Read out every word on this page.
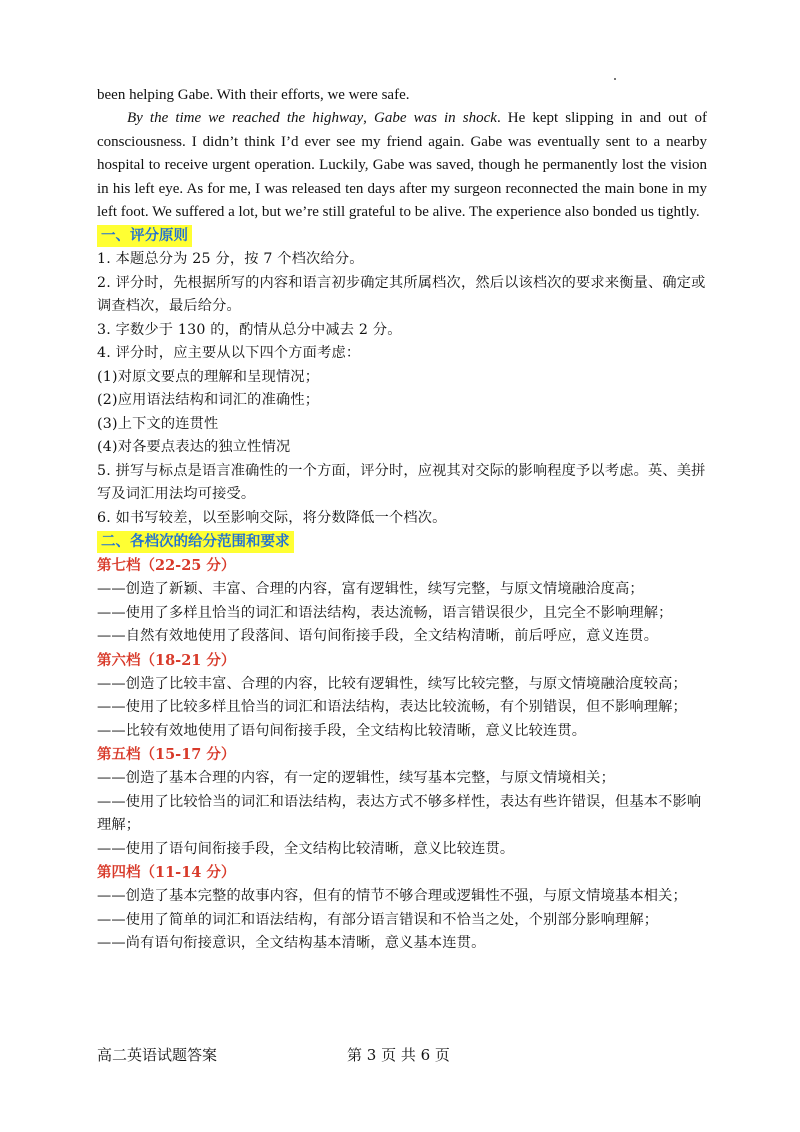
been helping Gabe. With their efforts, we were safe.

By the time we reached the highway, Gabe was in shock. He kept slipping in and out of consciousness. I didn’t think I’d ever see my friend again. Gabe was eventually sent to a nearby hospital to receive urgent operation. Luckily, Gabe was saved, though he permanently lost the vision in his left eye. As for me, I was released ten days after my surgeon reconnected the main bone in my left foot. We suffered a lot, but we’re still grateful to be alive. The experience also bonded us tightly.

一、评分原则

1. 本题总分为 25 分，按 7 个档次给分。

2. 评分时，先根据所写的内容和语言初步确定其所属档次，然后以该档次的要求来衡量、确定或调查档次，最后给分。

3. 字数少于 130 的，酌情从总分中减去 2 分。

4. 评分时，应主要从以下四个方面考虑：

(1)对原文要点的理解和呈现情况；

(2)应用语法结构和词汇的准确性；

(3)上下文的连贯性

(4)对各要点表达的独立性情况

5. 拼写与标点是语言准确性的一个方面，评分时，应视其对交际的影响程度予以考虑。英、美拼写及词汇用法均可接受。

6. 如书写较差，以至影响交际，将分数降低一个档次。

二、各档次的给分范围和要求

第七档（22-25 分）

——创造了新颖、丰富、合理的内容，富有逻辑性，续写完整，与原文情境融洽度高；

——使用了多样且恰当的词汇和语法结构，表达流畅，语言错误很少，且完全不影响理解；

——自然有效地使用了段落间、语句间衔接手段，全文结构清晰，前后呼应，意义连贯。

第六档（18-21 分）

——创造了比较丰富、合理的内容，比较有逻辑性，续写比较完整，与原文情境融洽度较高；

——使用了比较多样且恰当的词汇和语法结构，表达比较流畅，有个别错误，但不影响理解；

——比较有效地使用了语句间衔接手段，全文结构比较清晰，意义比较连贯。

第五档（15-17 分）

——创造了基本合理的内容，有一定的逻辑性，续写基本完整，与原文情境相关；

——使用了比较恰当的词汇和语法结构，表达方式不够多样性，表达有些许错误，但基本不影响理解；

——使用了语句间衔接手段，全文结构比较清晰，意义比较连贯。

第四档（11-14 分）

——创造了基本完整的故事内容，但有的情节不够合理或逻辑性不强，与原文情境基本相关；

——使用了简单的词汇和语法结构，有部分语言错误和不恰当之处，个别部分影响理解；

——尚有语句衔接意识，全文结构基本清晰，意义基本连贯。

高二英语试题答案	第 3 页 共 6 页
